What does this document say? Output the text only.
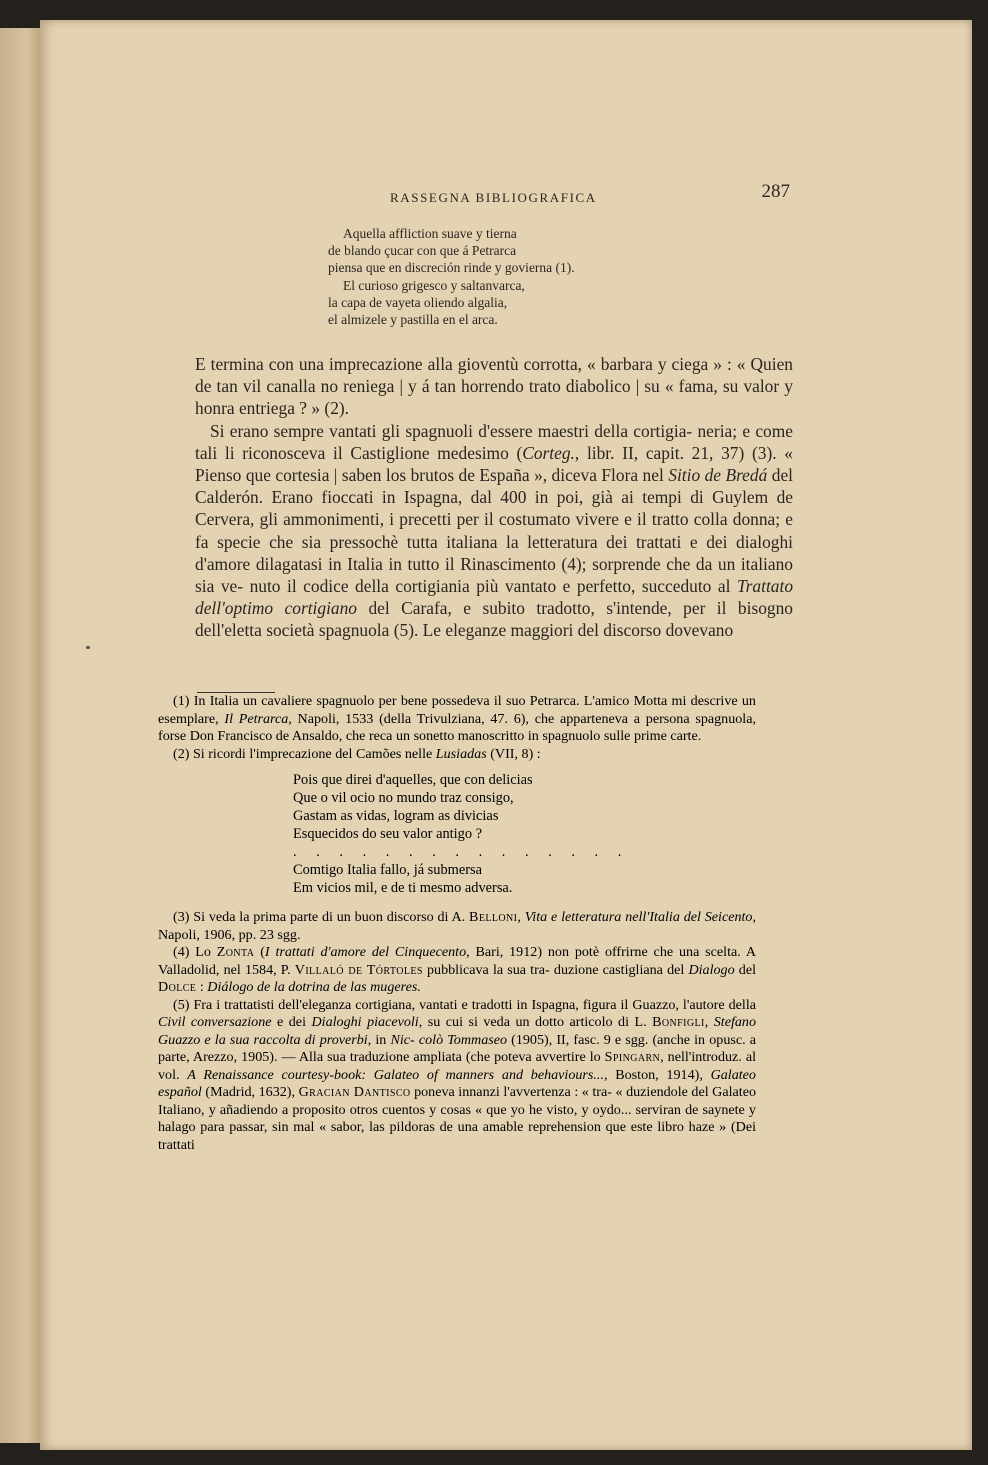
RASSEGNA BIBLIOGRAFICA	287
Aquella affliction suave y tierna
de blando çucar con que á Petrarca
piensa que en discreción rinde y govierna (1).
El curioso grigesco y saltanvarca,
la capa de vayeta oliendo algalia,
el almizele y pastilla en el arca.

E termina con una imprecazione alla gioventù corrotta, « barbara y ciega » : « Quien de tan vil canalla no reniega | y á tan horrendo trato diabolico | su « fama, su valor y honra entriega ? » (2).

Si erano sempre vantati gli spagnuoli d'essere maestri della cortigia- neria; e come tali li riconosceva il Castiglione medesimo (Corteg., libr. II, capit. 21, 37) (3). « Pienso que cortesia | saben los brutos de España », diceva Flora nel Sitio de Bredá del Calderón. Erano fioccati in Ispagna, dal 400 in poi, già ai tempi di Guylem de Cervera, gli ammonimenti, i precetti per il costumato vivere e il tratto colla donna; e fa specie che sia pressochè tutta italiana la letteratura dei trattati e dei dialoghi d'amore dilagatasi in Italia in tutto il Rinascimento (4); sorprende che da un italiano sia ve- nuto il codice della cortigiania più vantato e perfetto, succeduto al Trattato dell'optimo cortigiano del Carafa, e subito tradotto, s'intende, per il bisogno dell'eletta società spagnuola (5). Le eleganze maggiori del discorso dovevano

(1) In Italia un cavaliere spagnuolo per bene possedeva il suo Petrarca. L'amico Motta mi descrive un esemplare, Il Petrarca, Napoli, 1533 (della Trivulziana, 47. 6), che apparteneva a persona spagnuola, forse Don Francisco de Ansaldo, che reca un sonetto manoscritto in spagnuolo sulle prime carte.

(2) Si ricordi l'imprecazione del Camões nelle Lusiadas (VII, 8) :

Pois que direi d'aquelles, que con delicias
Que o vil ocio no mundo traz consigo,
Gastam as vidas, logram as divicias
Esquecidos do seu valor antigo ?
. . . . . . . . . . . . . . .
Comtigo Italia fallo, já submersa
Em vicios mil, e de ti mesmo adversa.

(3) Si veda la prima parte di un buon discorso di A. Belloni, Vita e letteratura nell'Italia del Seicento, Napoli, 1906, pp. 23 sgg.

(4) Lo Zonta (I trattati d'amore del Cinquecento, Bari, 1912) non potè offrirne che una scelta. A Valladolid, nel 1584, P. Villaló de Tórtoles pubblicava la sua tra- duzione castigliana del Dialogo del Dolce : Diálogo de la dotrina de las mugeres.

(5) Fra i trattatisti dell'eleganza cortigiana, vantati e tradotti in Ispagna, figura il Guazzo, l'autore della Civil conversazione e dei Dialoghi piacevoli, su cui si veda un dotto articolo di L. Bonfigli, Stefano Guazzo e la sua raccolta di proverbi, in Nic- colò Tommaseo (1905), II, fasc. 9 e sgg. (anche in opusc. a parte, Arezzo, 1905). — Alla sua traduzione ampliata (che poteva avvertire lo Spingarn, nell'introduz. al vol. A Renaissance courtesy-book: Galateo of manners and behaviours..., Boston, 1914), Galateo español (Madrid, 1632), Gracian Dantisco poneva innanzi l'avvertenza : « tra- « duziendole del Galateo Italiano, y añadiendo a proposito otros cuentos y cosas « que yo he visto, y oydo... serviran de saynete y halago para passar, sin mal « sabor, las pildoras de una amable reprehension que este libro haze » (Dei trattati
